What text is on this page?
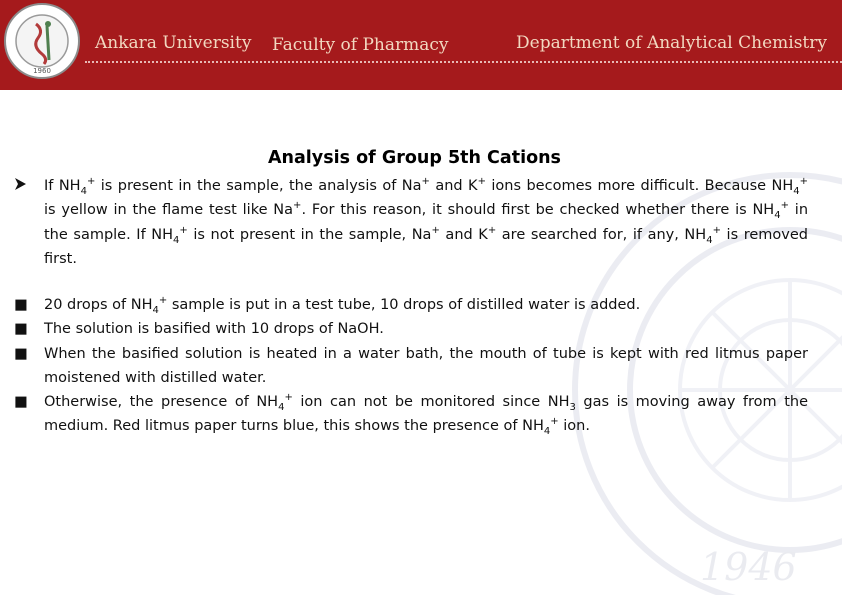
1946
1960
Ankara University Faculty of Pharmacy	Department of Analytical Chemistry
Analysis of Group 5th Cations
If $NH_4^+$ is present in the sample, the analysis of Na+ and K+ ions becomes more difficult. Because $NH_4^+$ is yellow in the flame test like Na+. For this reason, it should first be checked whether there is $NH_4^+$ in the sample. If $NH_4^+$ is not present in the sample, Na+ and K+ are searched for, if any, $NH_4^+$ is removed first.
■	20 drops of $NH_4^+$ sample is put in a test tube, 10 drops of distilled water is added.
■	The solution is basified with 10 drops of NaOH.
■	When the basified solution is heated in a water bath, the mouth of tube is kept with red litmus paper moistened with distilled water.
■	Otherwise, the presence of $NH_4^+$ ion can not be monitored since $NH_3$ gas is moving away from the medium. Red litmus paper turns blue, this shows the presence of $NH_4^+$ ion.
